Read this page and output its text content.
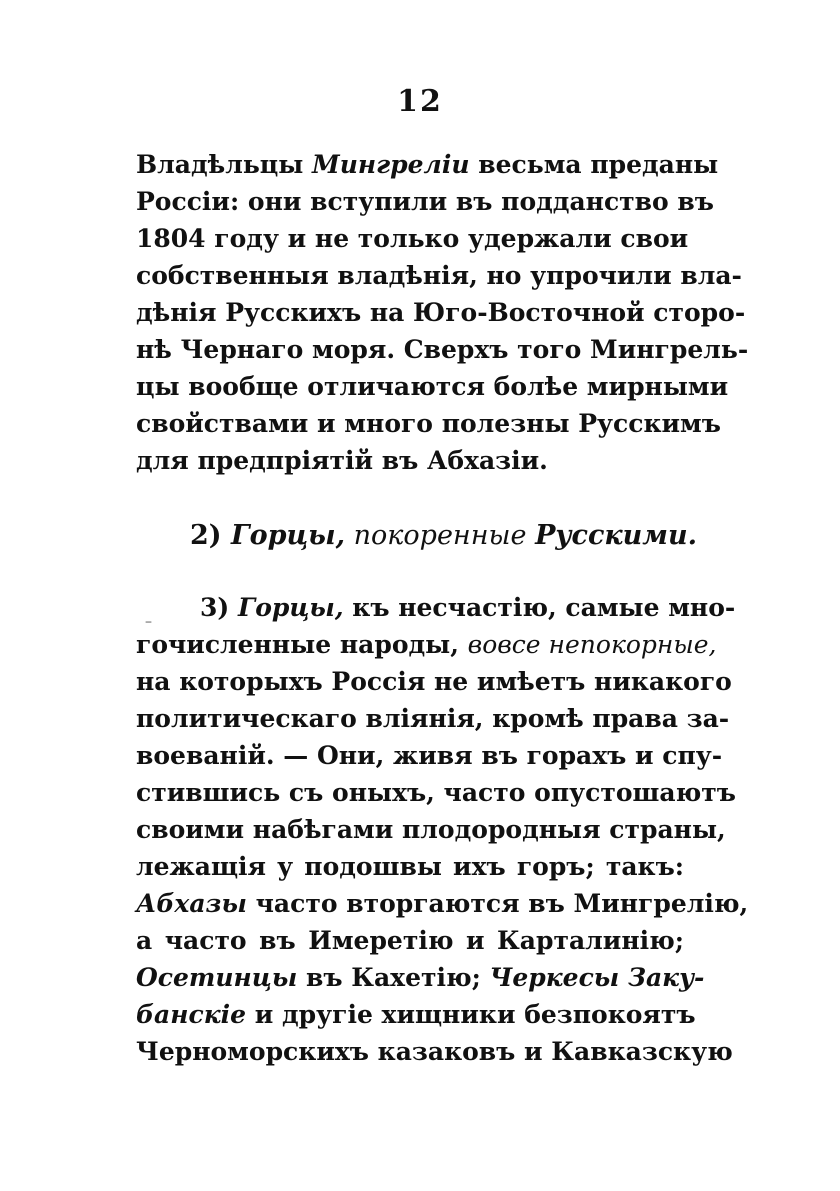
12
Владѣльцы Мингреліи весьма преданы
Россіи: они вступили въ подданство въ
1804 году и не только удержали свои
собственныя владѣнія, но упрочили вла-
дѣнія Русскихъ на Юго-Восточной сторо-
нѣ Чернаго моря. Сверхъ того Мингрель-
цы вообще отличаются болѣе мирными
свойствами и много полезны Русскимъ
для предпріятій въ Абхазіи.
2) Горцы, покоренные Русскими.
– 3) Горцы, къ несчастію, самые мно-
гочисленные народы, вовсе непокорные,
на которыхъ Россія не имѣетъ никакого
политическаго вліянія, кромѣ права за-
воеваній. — Они, живя въ горахъ и спу-
стившись съ оныхъ, часто опустошаютъ
своими набѣгами плодородныя страны,
лежащія у подошвы ихъ горъ; такъ:
Абхазы часто вторгаются въ Мингрелію,
а часто въ Имеретію и Карталинію;
Осетинцы въ Кахетію; Черкесы Заку-
банскіе и другіе хищники безпокоятъ
Черноморскихъ казаковъ и Кавказскую
